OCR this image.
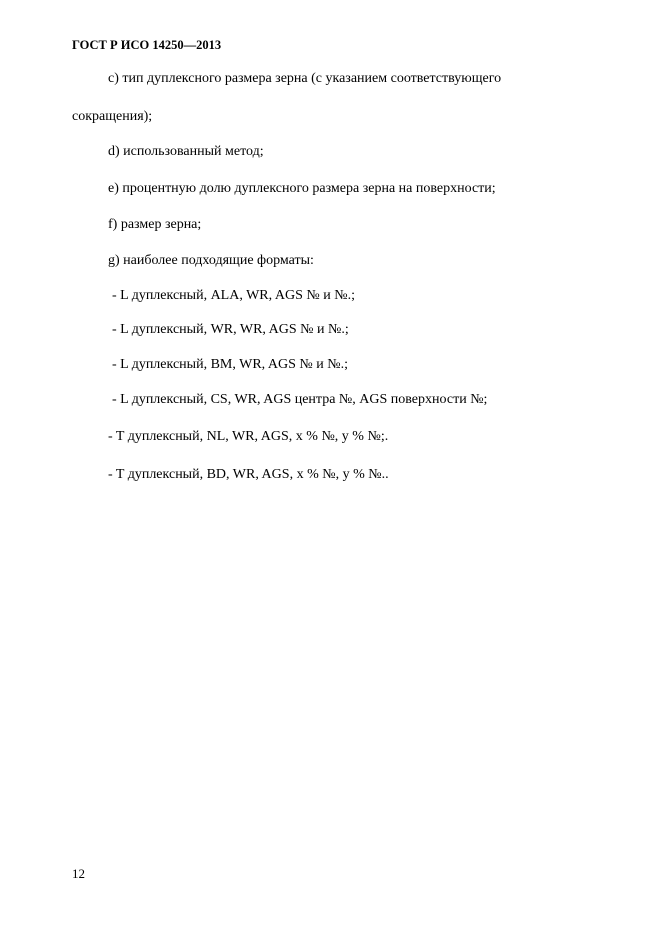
ГОСТ Р ИСО 14250—2013
c) тип дуплексного размера зерна (с указанием соответствующего
сокращения);
d) использованный метод;
e) процентную долю дуплексного размера зерна на поверхности;
f) размер зерна;
g) наиболее подходящие форматы:
- L дуплексный, ALA, WR, AGS № и №.;
- L дуплексный, WR, WR, AGS № и №.;
- L дуплексный, BM, WR, AGS № и №.;
- L дуплексный, CS, WR, AGS центра №, AGS поверхности №;
- T дуплексный, NL, WR, AGS, x % №, y % №;.
- T дуплексный, BD, WR, AGS, x % №, y % №..
12
